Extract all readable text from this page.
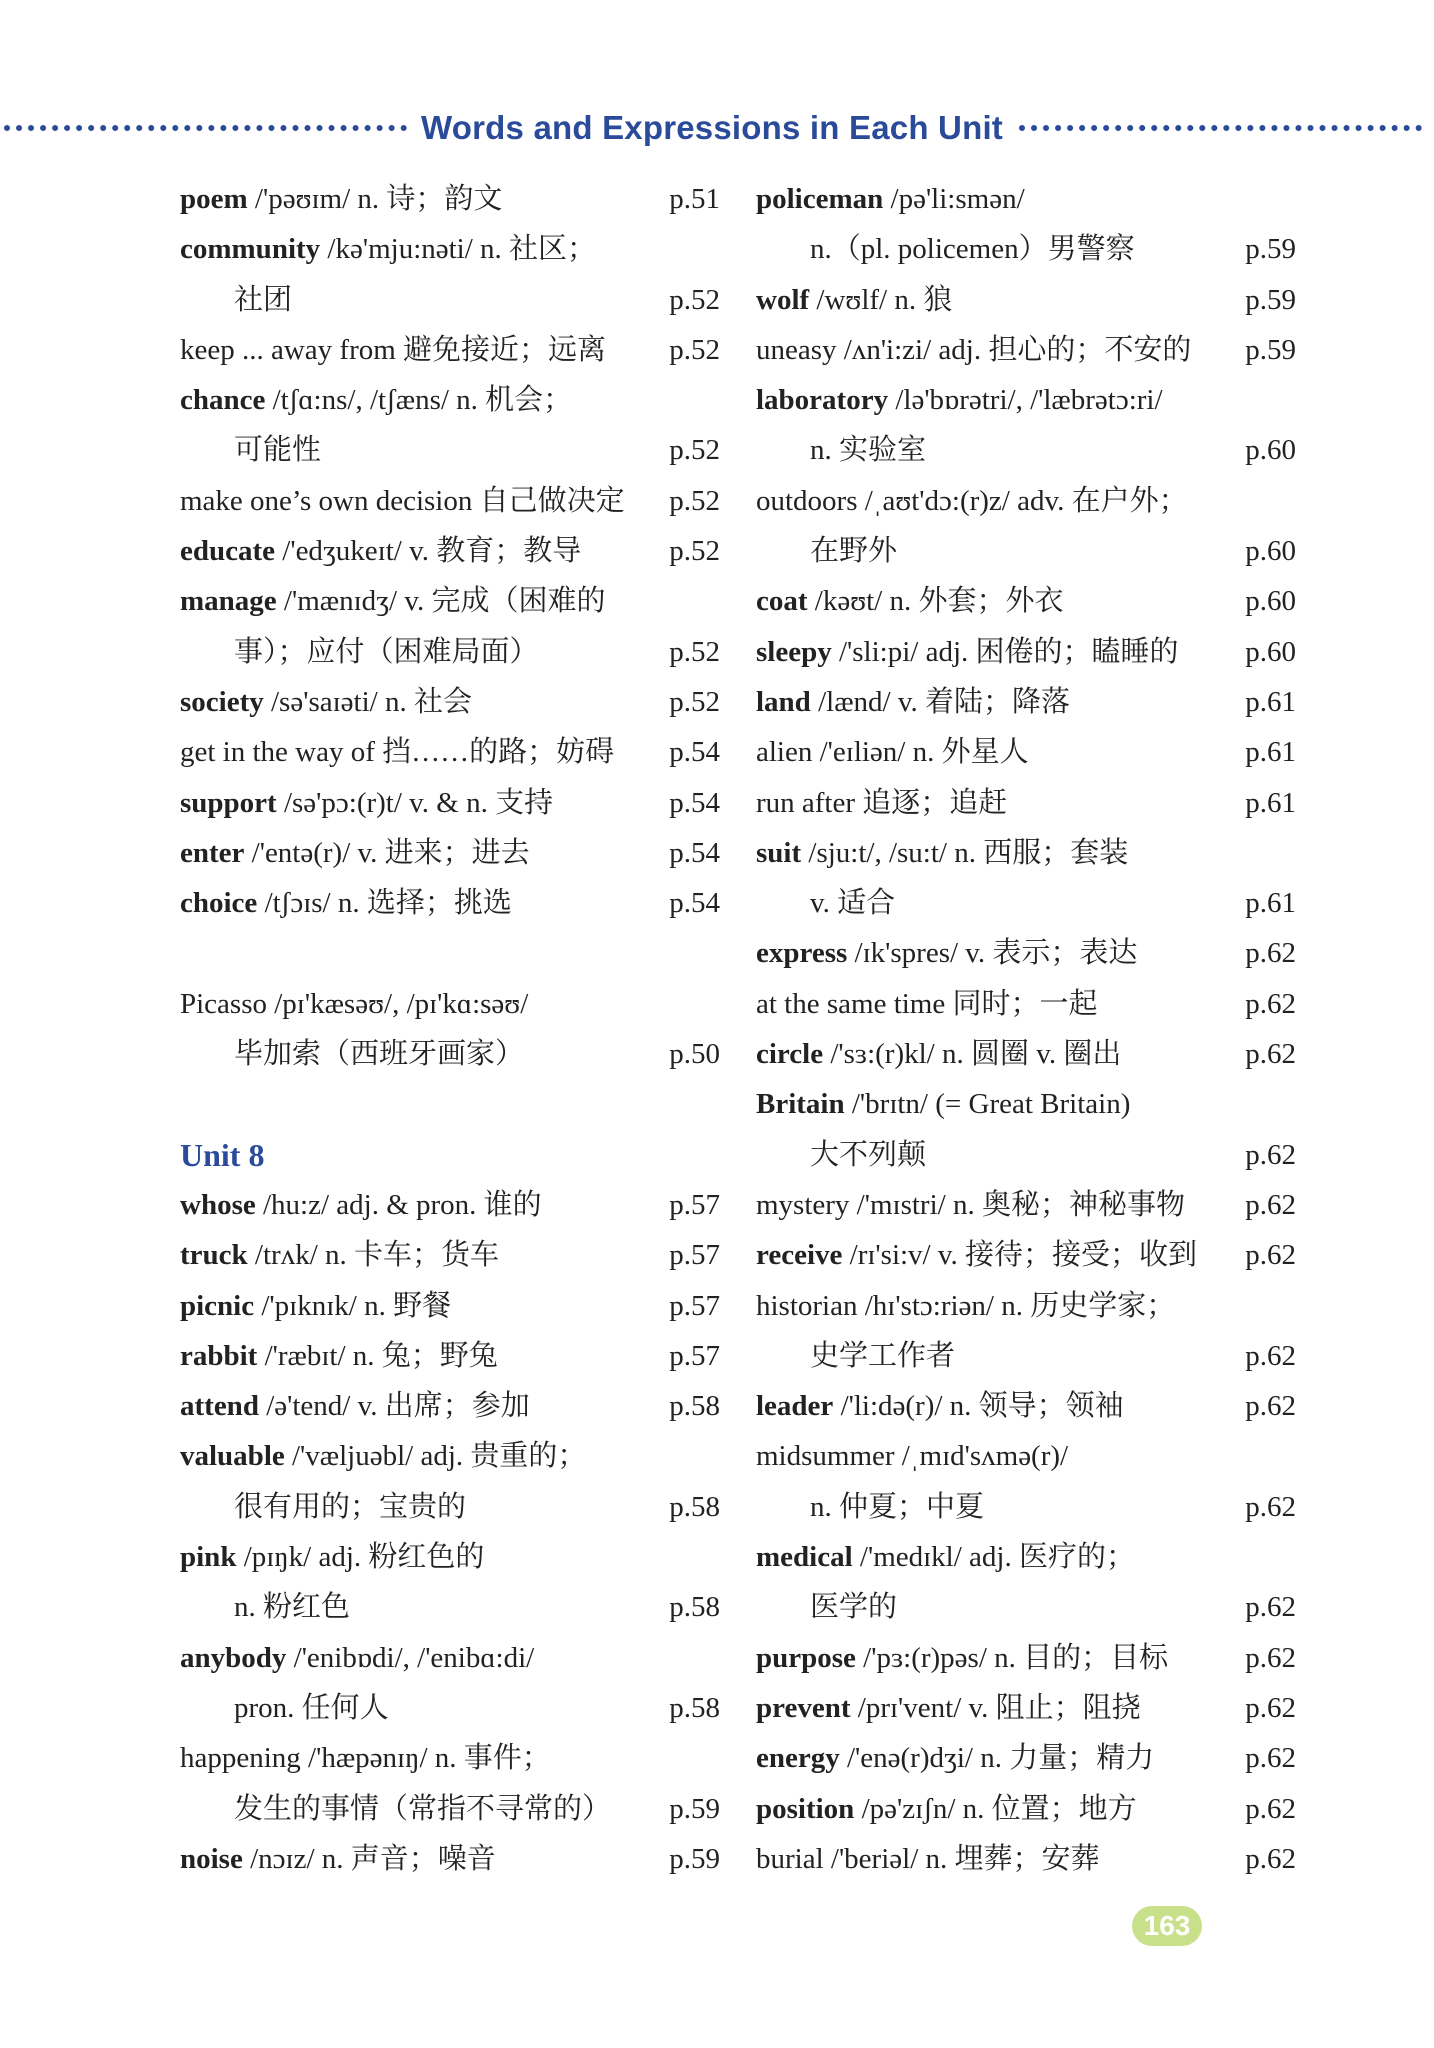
Words and Expressions in Each Unit
poem /'pəʊɪm/ n. 诗；韵文	p.51
community /kə'mju:nəti/ n. 社区；
社团	p.52
keep ... away from 避免接近；远离 p.52
chance /tʃɑ:ns/, /tʃæns/ n. 机会；
可能性	p.52
make one’s own decision 自己做决定 p.52
educate /'edʒukeɪt/ v. 教育；教导	p.52
manage /'mænɪdʒ/ v. 完成（困难的
事）；应付（困难局面）	p.52
society /sə'saɪəti/ n. 社会	p.52
get in the way of 挡……的路；妨碍 p.54
support /sə'pɔ:(r)t/ v. & n. 支持	p.54
enter /'entə(r)/ v. 进来；进去	p.54
choice /tʃɔɪs/ n. 选择；挑选	p.54
Picasso /pɪ'kæsəʊ/, /pɪ'kɑ:səʊ/
毕加索（西班牙画家）	p.50
Unit 8
whose /hu:z/ adj. & pron. 谁的	p.57
truck /trʌk/ n. 卡车；货车	p.57
picnic /'pɪknɪk/ n. 野餐	p.57
rabbit /'ræbɪt/ n. 兔；野兔	p.57
attend /ə'tend/ v. 出席；参加	p.58
valuable /'væljuəbl/ adj. 贵重的；
很有用的；宝贵的	p.58
pink /pɪŋk/ adj. 粉红色的
n. 粉红色	p.58
anybody /'enibɒdi/, /'enibɑ:di/
pron. 任何人	p.58
happening /'hæpənɪŋ/ n. 事件；
发生的事情（常指不寻常的） p.59
noise /nɔɪz/ n. 声音；噪音	p.59
policeman /pə'li:smən/
n.（pl. policemen）男警察	p.59
wolf /wʊlf/ n. 狼	p.59
uneasy /ʌn'i:zi/ adj. 担心的；不安的 p.59
laboratory /lə'bɒrətri/, /'læbrətɔ:ri/
n. 实验室	p.60
outdoors /ˌaʊt'dɔ:(r)z/ adv. 在户外；
在野外	p.60
coat /kəʊt/ n. 外套；外衣	p.60
sleepy /'sli:pi/ adj. 困倦的；瞌睡的 p.60
land /lænd/ v. 着陆；降落	p.61
alien /'eɪliən/ n. 外星人	p.61
run after 追逐；追赶	p.61
suit /sju:t/, /su:t/ n. 西服；套装
v. 适合	p.61
express /ɪk'spres/ v. 表示；表达	p.62
at the same time 同时；一起	p.62
circle /'sɜ:(r)kl/ n. 圆圈 v. 圈出	p.62
Britain /'brɪtn/ (= Great Britain)
大不列颠	p.62
mystery /'mɪstri/ n. 奥秘；神秘事物 p.62
receive /rɪ'si:v/ v. 接待；接受；收到 p.62
historian /hɪ'stɔ:riən/ n. 历史学家；
史学工作者	p.62
leader /'li:də(r)/ n. 领导；领袖	p.62
midsummer /ˌmɪd'sʌmə(r)/
n. 仲夏；中夏	p.62
medical /'medɪkl/ adj. 医疗的；
医学的	p.62
purpose /'pɜ:(r)pəs/ n. 目的；目标	p.62
prevent /prɪ'vent/ v. 阻止；阻挠	p.62
energy /'enə(r)dʒi/ n. 力量；精力	p.62
position /pə'zɪʃn/ n. 位置；地方	p.62
burial /'beriəl/ n. 埋葬；安葬	p.62
163
